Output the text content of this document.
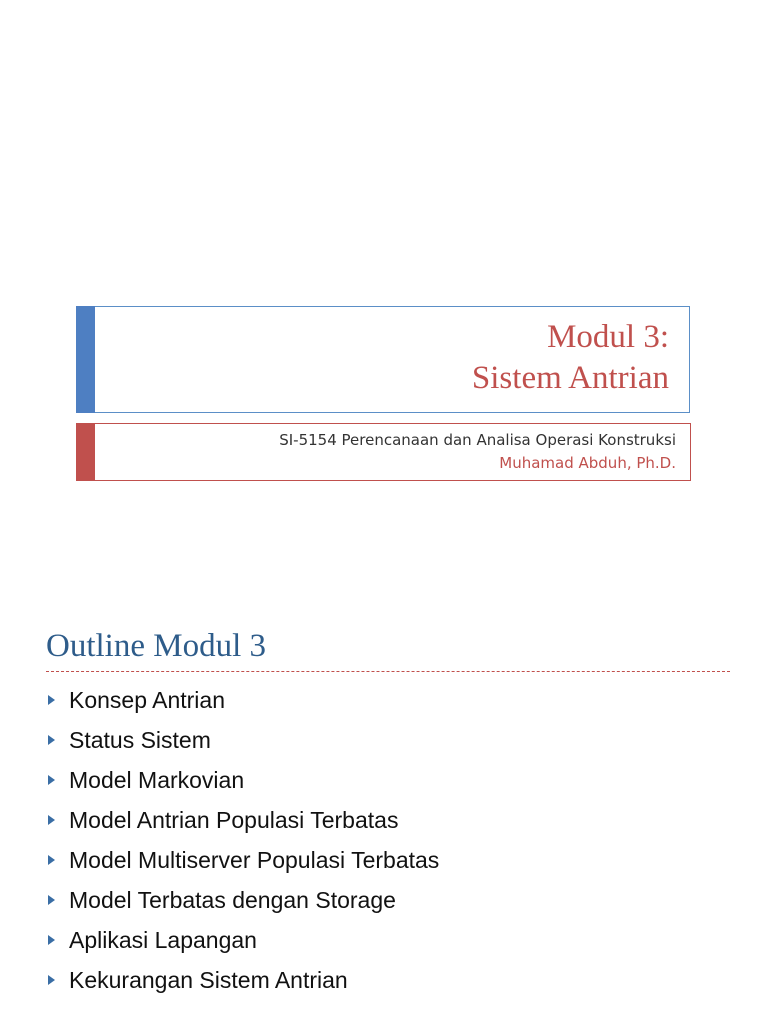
Modul 3:
Sistem Antrian
SI-5154 Perencanaan dan Analisa Operasi Konstruksi
Muhamad Abduh, Ph.D.
Outline Modul 3
Konsep Antrian
Status Sistem
Model Markovian
Model Antrian Populasi Terbatas
Model Multiserver Populasi Terbatas
Model Terbatas dengan Storage
Aplikasi Lapangan
Kekurangan Sistem Antrian
